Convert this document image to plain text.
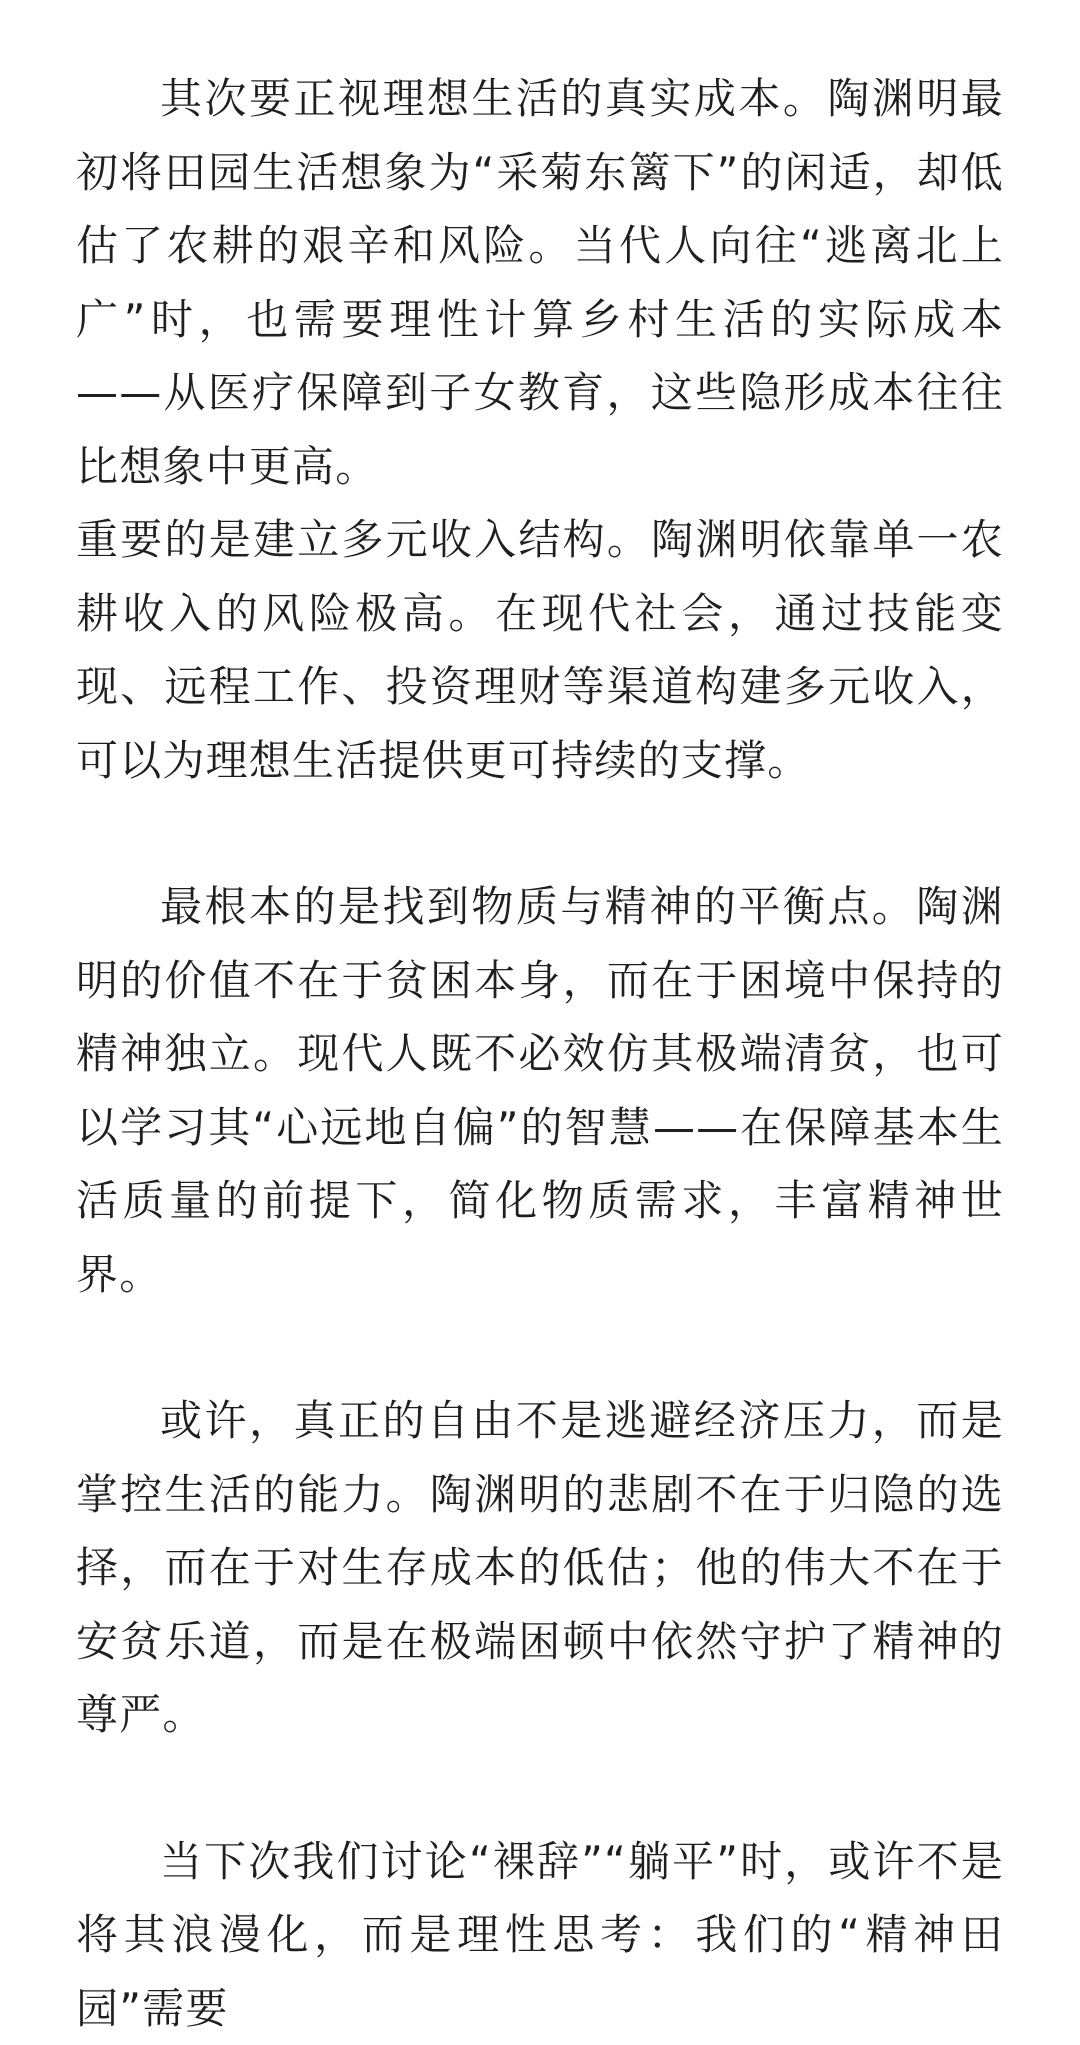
其次要正视理想生活的真实成本。陶渊明最初将田园生活想象为“采菊东篱下”的闲适，却低估了农耕的艰辛和风险。当代人向往“逃离北上广”时，也需要理性计算乡村生活的实际成本——从医疗保障到子女教育，这些隐形成本往往比想象中更高。

重要的是建立多元收入结构。陶渊明依靠单一农耕收入的风险极高。在现代社会，通过技能变现、远程工作、投资理财等渠道构建多元收入，可以为理想生活提供更可持续的支撑。

最根本的是找到物质与精神的平衡点。陶渊明的价值不在于贫困本身，而在于困境中保持的精神独立。现代人既不必效仿其极端清贫，也可以学习其“心远地自偏”的智慧——在保障基本生活质量的前提下，简化物质需求，丰富精神世界。

或许，真正的自由不是逃避经济压力，而是掌控生活的能力。陶渊明的悲剧不在于归隐的选择，而在于对生存成本的低估；他的伟大不在于安贫乐道，而是在极端困顿中依然守护了精神的尊严。

当下次我们讨论“裸辞”“躺平”时，或许不是将其浪漫化，而是理性思考：我们的“精神田园”需要
